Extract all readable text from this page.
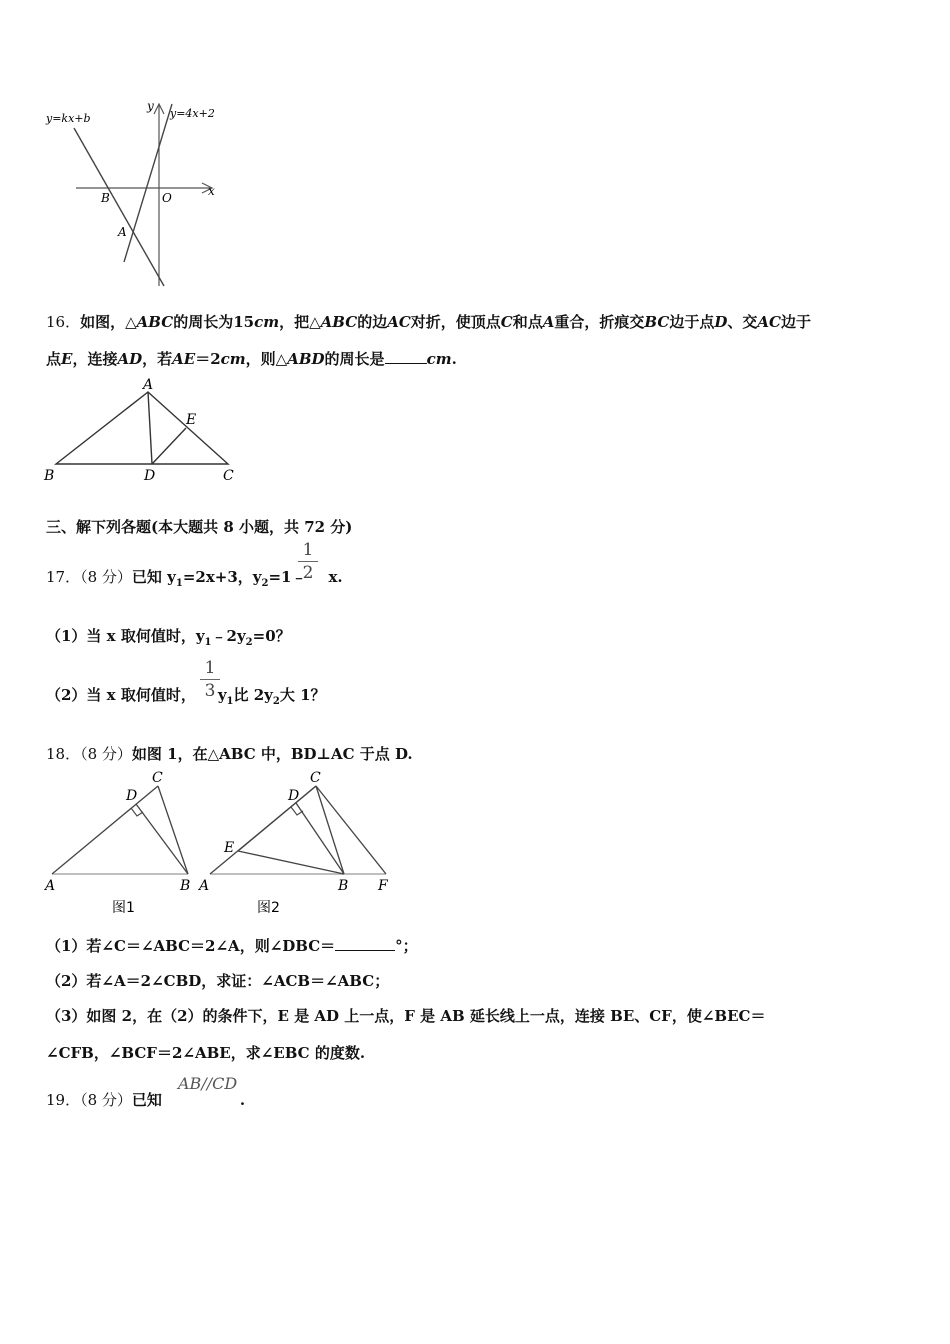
y=kx+b	y=4x+2
y
x
B	O
A
16．如图，△ABC的周长为15cm，把△ABC的边AC对折，使顶点C和点A重合，折痕交BC边于点D、交AC边于
点E，连接AD，若AE＝2cm，则△ABD的周长是	cm.
A
B	C
D
E
三、解下列各题(本大题共 8 小题，共 72 分)
17．（8 分）已知 $y_1=2x+3$，$y_2=1﹣$ x.
1
2
（1）当 x 取何值时，$y_1﹣2y_2=0$？
（2）当 x 取何值时， $y_1$比 $2y_2$大 1？
1
3
18．（8 分）如图 1，在△ABC 中，BD⊥AC 于点 D.
A	B
C
D
图1
A	B
C
D
E
F
图2
（1）若∠C＝∠ABC＝2∠A，则∠DBC＝	°；
（2）若∠A＝2∠CBD，求证：∠ACB＝∠ABC；
（3）如图 2，在（2）的条件下，E 是 AD 上一点，F 是 AB 延长线上一点，连接 BE、CF，使∠BEC＝
∠CFB，∠BCF＝2∠ABE，求∠EBC 的度数.
19．（8 分）已知	.
AB//CD
